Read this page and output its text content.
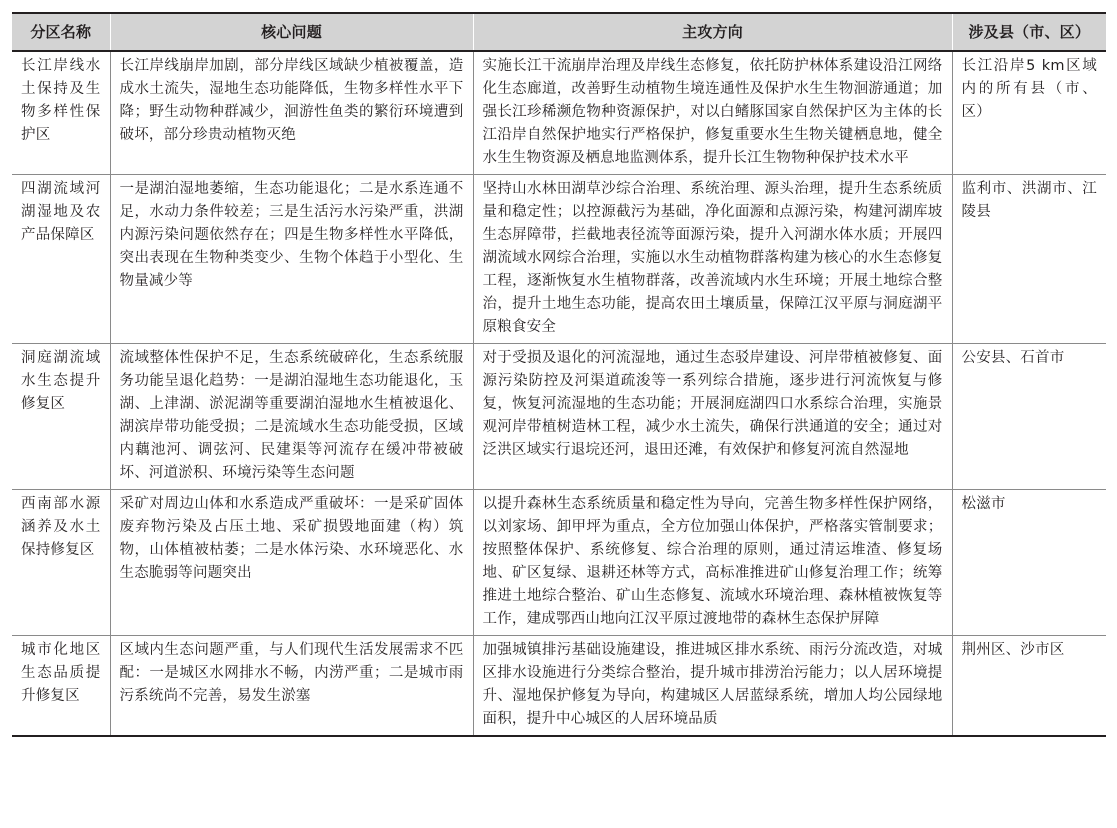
分区名称	核心问题	主攻方向	涉及县（市、区）
长江岸线水土保持及生物多样性保护区	长江岸线崩岸加剧，部分岸线区域缺少植被覆盖，造成水土流失，湿地生态功能降低，生物多样性水平下降；野生动物种群减少，洄游性鱼类的繁衍环境遭到破坏，部分珍贵动植物灭绝	实施长江干流崩岸治理及岸线生态修复，依托防护林体系建设沿江网络化生态廊道，改善野生动植物生境连通性及保护水生生物洄游通道；加强长江珍稀濒危物种资源保护，对以白鳍豚国家自然保护区为主体的长江沿岸自然保护地实行严格保护，修复重要水生生物关键栖息地，健全水生生物资源及栖息地监测体系，提升长江生物物种保护技术水平	长江沿岸5 km区域内的所有县（市、区）
四湖流域河湖湿地及农产品保障区	一是湖泊湿地萎缩，生态功能退化；二是水系连通不足，水动力条件较差；三是生活污水污染严重，洪湖内源污染问题依然存在；四是生物多样性水平降低，突出表现在生物种类变少、生物个体趋于小型化、生物量减少等	坚持山水林田湖草沙综合治理、系统治理、源头治理，提升生态系统质量和稳定性；以控源截污为基础，净化面源和点源污染，构建河湖库坡生态屏障带，拦截地表径流等面源污染，提升入河湖水体水质；开展四湖流域水网综合治理，实施以水生动植物群落构建为核心的水生态修复工程，逐渐恢复水生植物群落，改善流域内水生环境；开展土地综合整治，提升土地生态功能，提高农田土壤质量，保障江汉平原与洞庭湖平原粮食安全	监利市、洪湖市、江陵县
洞庭湖流域水生态提升修复区	流域整体性保护不足，生态系统破碎化，生态系统服务功能呈退化趋势：一是湖泊湿地生态功能退化，玉湖、上津湖、淤泥湖等重要湖泊湿地水生植被退化、湖滨岸带功能受损；二是流域水生态功能受损，区域内藕池河、调弦河、民建渠等河流存在缓冲带被破坏、河道淤积、环境污染等生态问题	对于受损及退化的河流湿地，通过生态驳岸建设、河岸带植被修复、面源污染防控及河渠道疏浚等一系列综合措施，逐步进行河流恢复与修复，恢复河流湿地的生态功能；开展洞庭湖四口水系综合治理，实施景观河岸带植树造林工程，减少水土流失，确保行洪通道的安全；通过对泛洪区域实行退垸还河，退田还滩，有效保护和修复河流自然湿地	公安县、石首市
西南部水源涵养及水土保持修复区	采矿对周边山体和水系造成严重破坏：一是采矿固体废弃物污染及占压土地、采矿损毁地面建（构）筑物，山体植被枯萎；二是水体污染、水环境恶化、水生态脆弱等问题突出	以提升森林生态系统质量和稳定性为导向，完善生物多样性保护网络，以刘家场、卸甲坪为重点，全方位加强山体保护，严格落实管制要求；按照整体保护、系统修复、综合治理的原则，通过清运堆渣、修复场地、矿区复绿、退耕还林等方式，高标准推进矿山修复治理工作；统筹推进土地综合整治、矿山生态修复、流域水环境治理、森林植被恢复等工作，建成鄂西山地向江汉平原过渡地带的森林生态保护屏障	松滋市
城市化地区生态品质提升修复区	区域内生态问题严重，与人们现代生活发展需求不匹配：一是城区水网排水不畅，内涝严重；二是城市雨污系统尚不完善，易发生淤塞	加强城镇排污基础设施建设，推进城区排水系统、雨污分流改造，对城区排水设施进行分类综合整治，提升城市排涝治污能力；以人居环境提升、湿地保护修复为导向，构建城区人居蓝绿系统，增加人均公园绿地面积，提升中心城区的人居环境品质	荆州区、沙市区
